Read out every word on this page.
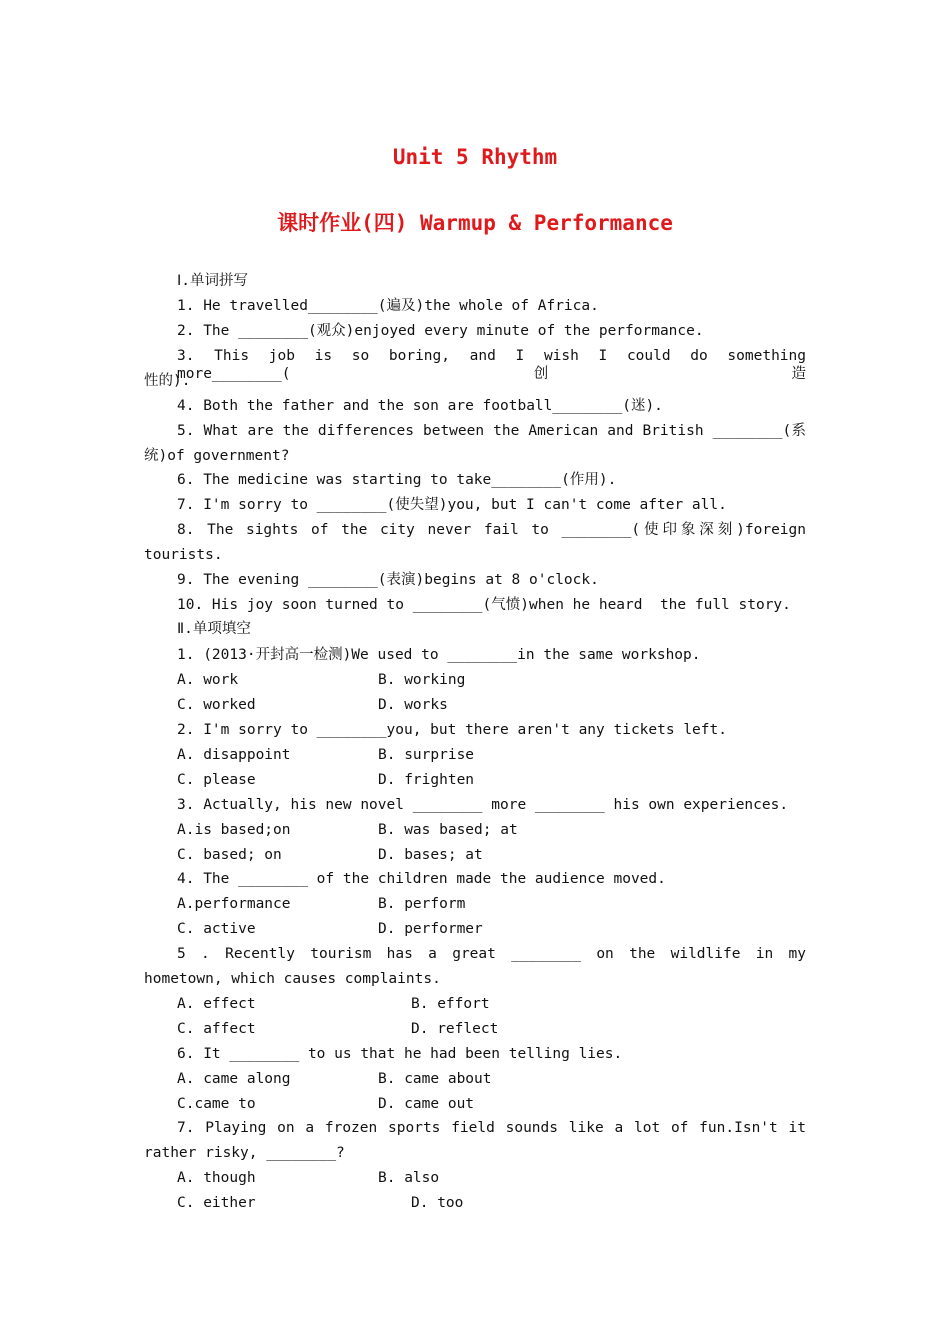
Unit 5 Rhythm
课时作业(四) Warmup & Performance
Ⅰ.单词拼写
1. He travelled________(遍及)the whole of Africa.
2. The ________(观众)enjoyed every minute of the performance.
3. This job is so boring, and I wish I could do something more________(创造
性的).
4. Both the father and the son are football________(迷).
5. What are the differences between the American and British ________(系
统)of government?
6. The medicine was starting to take________(作用).
7. I'm sorry to ________(使失望)you, but I can't come after all.
8. The sights of the city never fail to ________(使印象深刻)foreign
tourists.
9. The evening ________(表演)begins at 8 o'clock.
10. His joy soon turned to ________(气愤)when he heard  the full story.
Ⅱ.单项填空
1. (2013·开封高一检测)We used to ________in the same workshop.
A. work	B. working
C. worked	D. works
2. I'm sorry to ________you, but there aren't any tickets left.
A. disappoint	B. surprise
C. please	D. frighten
3. Actually, his new novel ________ more ________ his own experiences.
A.is based;on	B. was based; at
C. based; on	D. bases; at
4. The ________ of the children made the audience moved.
A.performance	B. perform
C. active	D. performer
5 . Recently tourism has a great ________ on the wildlife in my
hometown, which causes complaints.
A. effect	B. effort
C. affect	D. reflect
6. It ________ to us that he had been telling lies.
A. came along	B. came about
C.came to	D. came out
7. Playing on a frozen sports field sounds like a lot of fun.Isn't it
rather risky, ________?
A. though	B. also
C. either	D. too
